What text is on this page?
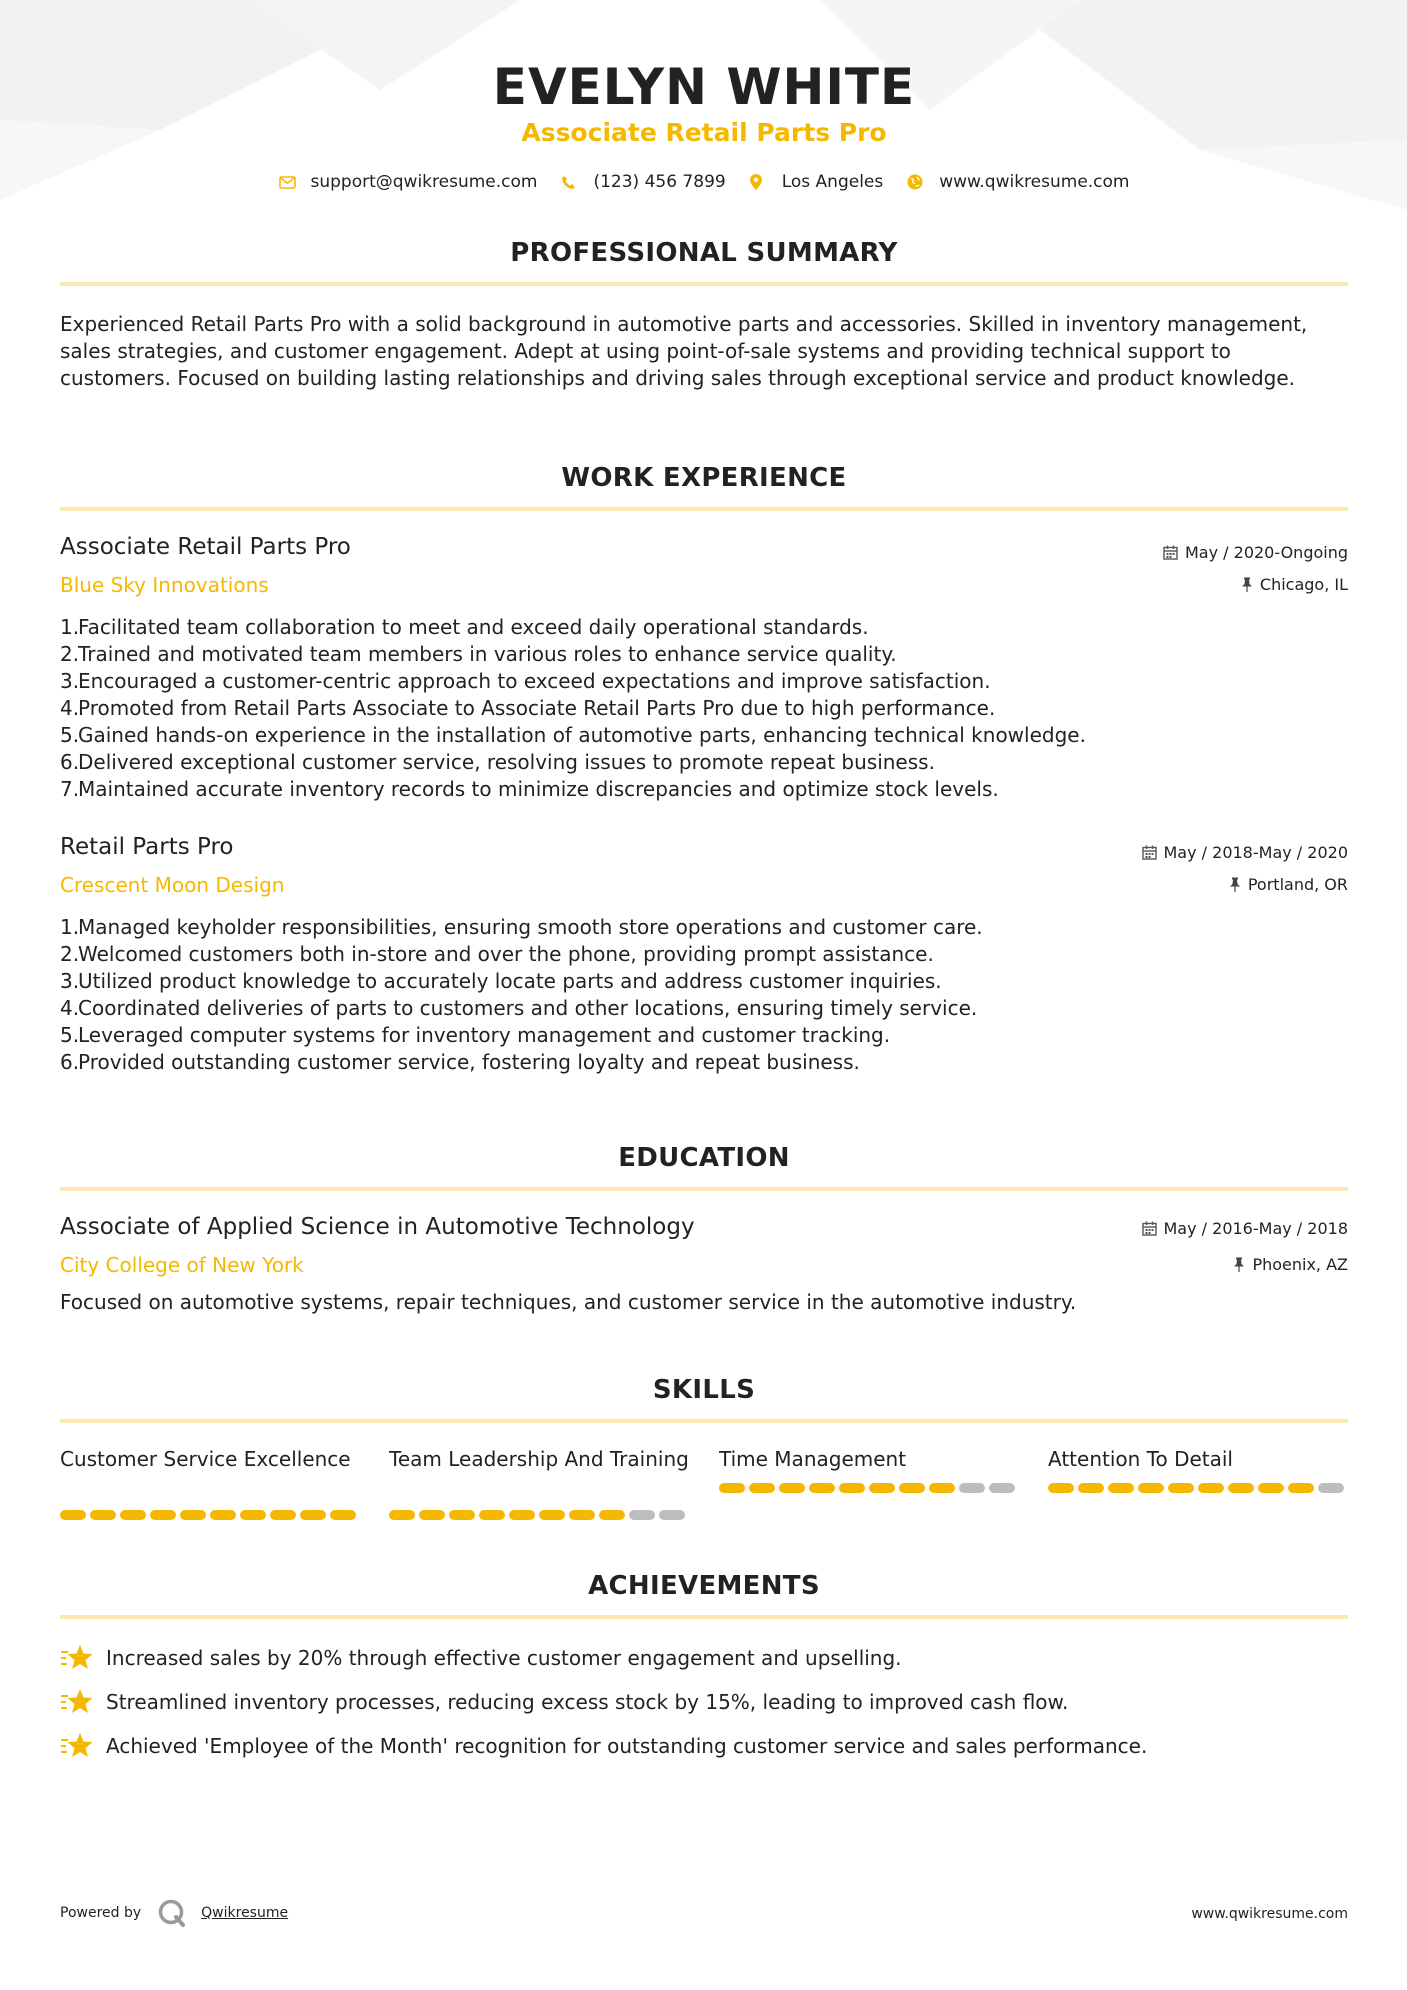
EVELYN WHITE
Associate Retail Parts Pro
support@qwikresume.com	(123) 456 7899	Los Angeles	www.qwikresume.com
PROFESSIONAL SUMMARY
Experienced Retail Parts Pro with a solid background in automotive parts and accessories. Skilled in inventory management, sales strategies, and customer engagement. Adept at using point-of-sale systems and providing technical support to customers. Focused on building lasting relationships and driving sales through exceptional service and product knowledge.
WORK EXPERIENCE
Associate Retail Parts Pro	May / 2020-Ongoing
Blue Sky Innovations	Chicago, IL
1.
Facilitated team collaboration to meet and exceed daily operational standards.
2.
Trained and motivated team members in various roles to enhance service quality.
3.
Encouraged a customer-centric approach to exceed expectations and improve satisfaction.
4.
Promoted from Retail Parts Associate to Associate Retail Parts Pro due to high performance.
5.
Gained hands-on experience in the installation of automotive parts, enhancing technical knowledge.
6.
Delivered exceptional customer service, resolving issues to promote repeat business.
7.
Maintained accurate inventory records to minimize discrepancies and optimize stock levels.
Retail Parts Pro	May / 2018-May / 2020
Crescent Moon Design	Portland, OR
1.
Managed keyholder responsibilities, ensuring smooth store operations and customer care.
2.
Welcomed customers both in-store and over the phone, providing prompt assistance.
3.
Utilized product knowledge to accurately locate parts and address customer inquiries.
4.
Coordinated deliveries of parts to customers and other locations, ensuring timely service.
5.
Leveraged computer systems for inventory management and customer tracking.
6.
Provided outstanding customer service, fostering loyalty and repeat business.
EDUCATION
Associate of Applied Science in Automotive Technology	May / 2016-May / 2018
City College of New York	Phoenix, AZ
Focused on automotive systems, repair techniques, and customer service in the automotive industry.
SKILLS
Customer Service Excellence	Team Leadership And Training Time Management	Attention To Detail
ACHIEVEMENTS
Increased sales by 20% through effective customer engagement and upselling.
Streamlined inventory processes, reducing excess stock by 15%, leading to improved cash flow.
Achieved 'Employee of the Month' recognition for outstanding customer service and sales performance.
Powered by	Qwikresume	www.qwikresume.com
